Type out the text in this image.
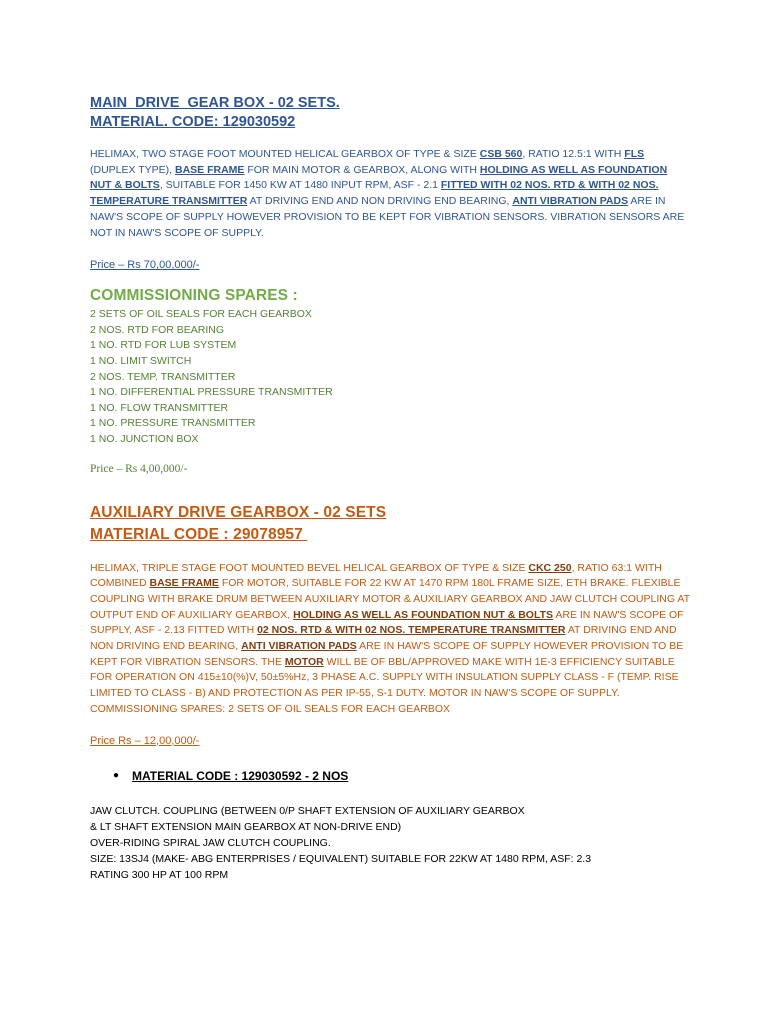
MAIN  DRIVE  GEAR BOX - 02 SETS.
MATERIAL. CODE: 129030592

HELIMAX, TWO STAGE FOOT MOUNTED HELICAL GEARBOX OF TYPE & SIZE CSB 560, RATIO 12.5:1 WITH FLS (DUPLEX TYPE), BASE FRAME FOR MAIN MOTOR & GEARBOX, ALONG WITH HOLDING AS WELL AS FOUNDATION NUT & BOLTS, SUITABLE FOR 1450 KW AT 1480 INPUT RPM, ASF - 2.1 FITTED WITH 02 NOS. RTD & WITH 02 NOS. TEMPERATURE TRANSMITTER AT DRIVING END AND NON DRIVING END BEARING, ANTI VIBRATION PADS ARE IN NAW'S SCOPE OF SUPPLY HOWEVER PROVISION TO BE KEPT FOR VIBRATION SENSORS. VIBRATION SENSORS ARE NOT IN NAW'S SCOPE OF SUPPLY.

Price – Rs 70,00,000/-
COMMISSIONING SPARES :
2 SETS OF OIL SEALS FOR EACH GEARBOX
2 NOS. RTD FOR BEARING
1 NO. RTD FOR LUB SYSTEM
1 NO. LIMIT SWITCH
2 NOS. TEMP. TRANSMITTER
1 NO. DIFFERENTIAL PRESSURE TRANSMITTER
1 NO. FLOW TRANSMITTER
1 NO. PRESSURE TRANSMITTER
1 NO. JUNCTION BOX
Price – Rs 4,00,000/-
AUXILIARY DRIVE GEARBOX - 02 SETS
MATERIAL CODE : 29078957

HELIMAX, TRIPLE STAGE FOOT MOUNTED BEVEL HELICAL GEARBOX OF TYPE & SIZE CKC 250, RATIO 63:1 WITH COMBINED BASE FRAME FOR MOTOR, SUITABLE FOR 22 KW AT 1470 RPM 180L FRAME SIZE, ETH BRAKE. FLEXIBLE COUPLING WITH BRAKE DRUM BETWEEN AUXILIARY MOTOR & AUXILIARY GEARBOX AND JAW CLUTCH COUPLING AT OUTPUT END OF AUXILIARY GEARBOX, HOLDING AS WELL AS FOUNDATION NUT & BOLTS ARE IN NAW'S SCOPE OF SUPPLY, ASF - 2.13 FITTED WITH 02 NOS. RTD & WITH 02 NOS. TEMPERATURE TRANSMITTER AT DRIVING END AND NON DRIVING END BEARING, ANTI VIBRATION PADS ARE IN HAW'S SCOPE OF SUPPLY HOWEVER PROVISION TO BE KEPT FOR VIBRATION SENSORS. THE MOTOR WILL BE OF BBL/APPROVED MAKE WITH 1E-3 EFFICIENCY SUITABLE FOR OPERATION ON 415±10(%)V, 50±5%Hz, 3 PHASE A.C. SUPPLY WITH INSULATION SUPPLY CLASS - F (TEMP. RISE LIMITED TO CLASS - B) AND PROTECTION AS PER IP-55, S-1 DUTY. MOTOR IN NAW'S SCOPE OF SUPPLY.

COMMISSIONING SPARES: 2 SETS OF OIL SEALS FOR EACH GEARBOX

Price Rs – 12,00,000/-
●	MATERIAL CODE : 129030592 - 2 NOS

JAW CLUTCH. COUPLING (BETWEEN 0/P SHAFT EXTENSION OF AUXILIARY GEARBOX

& LT SHAFT EXTENSION MAIN GEARBOX AT NON-DRIVE END)

OVER-RIDING SPIRAL JAW CLUTCH COUPLING.

SIZE: 13SJ4 (MAKE- ABG ENTERPRISES / EQUIVALENT) SUITABLE FOR 22KW AT 1480 RPM, ASF: 2.3

RATING 300 HP AT 100 RPM
